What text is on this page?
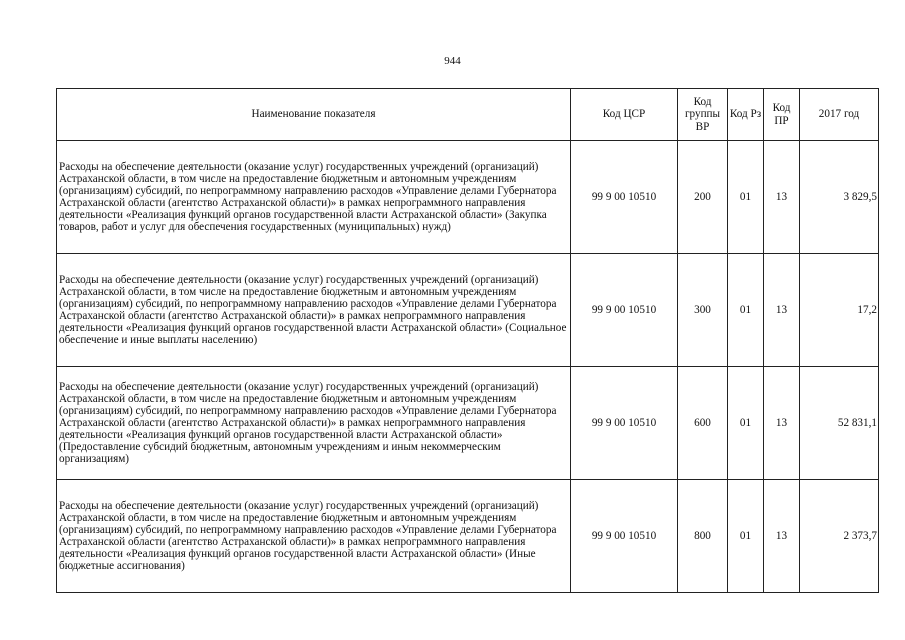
944
Наименование показателя	Код ЦСР	Код группы ВР	Код Рз	Код ПР	2017 год
Расходы на обеспечение деятельности (оказание услуг) государственных учреждений (организаций) Астраханской области, в том числе на предоставление бюджетным и автономным учреждениям (организациям) субсидий, по непрограммному направлению расходов «Управление делами Губернатора Астраханской области (агентство Астраханской области)» в рамках непрограммного направления деятельности «Реализация функций органов государственной власти Астраханской области» (Закупка товаров, работ и услуг для обеспечения государственных (муниципальных) нужд)	99 9 00 10510	200	01	13	3 829,5
Расходы на обеспечение деятельности (оказание услуг) государственных учреждений (организаций) Астраханской области, в том числе на предоставление бюджетным и автономным учреждениям (организациям) субсидий, по непрограммному направлению расходов «Управление делами Губернатора Астраханской области (агентство Астраханской области)» в рамках непрограммного направления деятельности «Реализация функций органов государственной власти Астраханской области» (Социальное обеспечение и иные выплаты населению)	99 9 00 10510	300	01	13	17,2
Расходы на обеспечение деятельности (оказание услуг) государственных учреждений (организаций) Астраханской области, в том числе на предоставление бюджетным и автономным учреждениям (организациям) субсидий, по непрограммному направлению расходов «Управление делами Губернатора Астраханской области (агентство Астраханской области)» в рамках непрограммного направления деятельности «Реализация функций органов государственной власти Астраханской области» (Предоставление субсидий бюджетным, автономным учреждениям и иным некоммерческим организациям)	99 9 00 10510	600	01	13	52 831,1
Расходы на обеспечение деятельности (оказание услуг) государственных учреждений (организаций) Астраханской области, в том числе на предоставление бюджетным и автономным учреждениям (организациям) субсидий, по непрограммному направлению расходов «Управление делами Губернатора Астраханской области (агентство Астраханской области)» в рамках непрограммного направления деятельности «Реализация функций органов государственной власти Астраханской области» (Иные бюджетные ассигнования)	99 9 00 10510	800	01	13	2 373,7
